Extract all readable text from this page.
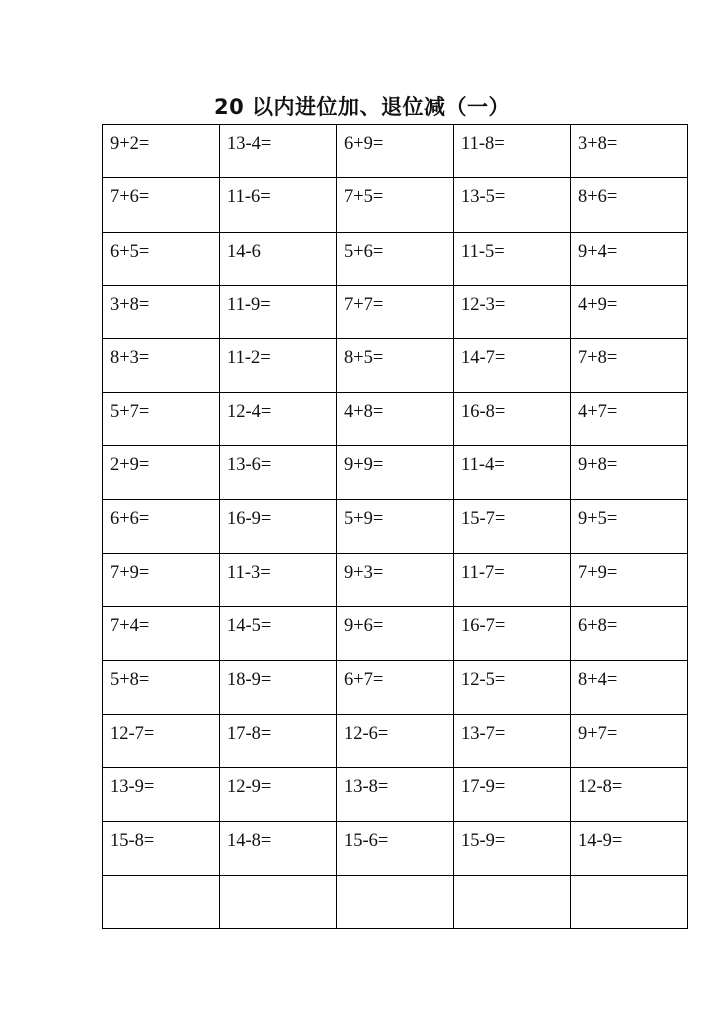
20 以内进位加、退位减（一）
9+2=	13-4=	6+9=	11-8=	3+8=
7+6=	11-6=	7+5=	13-5=	8+6=
6+5=	14-6	5+6=	11-5=	9+4=
3+8=	11-9=	7+7=	12-3=	4+9=
8+3=	11-2=	8+5=	14-7=	7+8=
5+7=	12-4=	4+8=	16-8=	4+7=
2+9=	13-6=	9+9=	11-4=	9+8=
6+6=	16-9=	5+9=	15-7=	9+5=
7+9=	11-3=	9+3=	11-7=	7+9=
7+4=	14-5=	9+6=	16-7=	6+8=
5+8=	18-9=	6+7=	12-5=	8+4=
12-7=	17-8=	12-6=	13-7=	9+7=
13-9=	12-9=	13-8=	17-9=	12-8=
15-8=	14-8=	15-6=	15-9=	14-9=
